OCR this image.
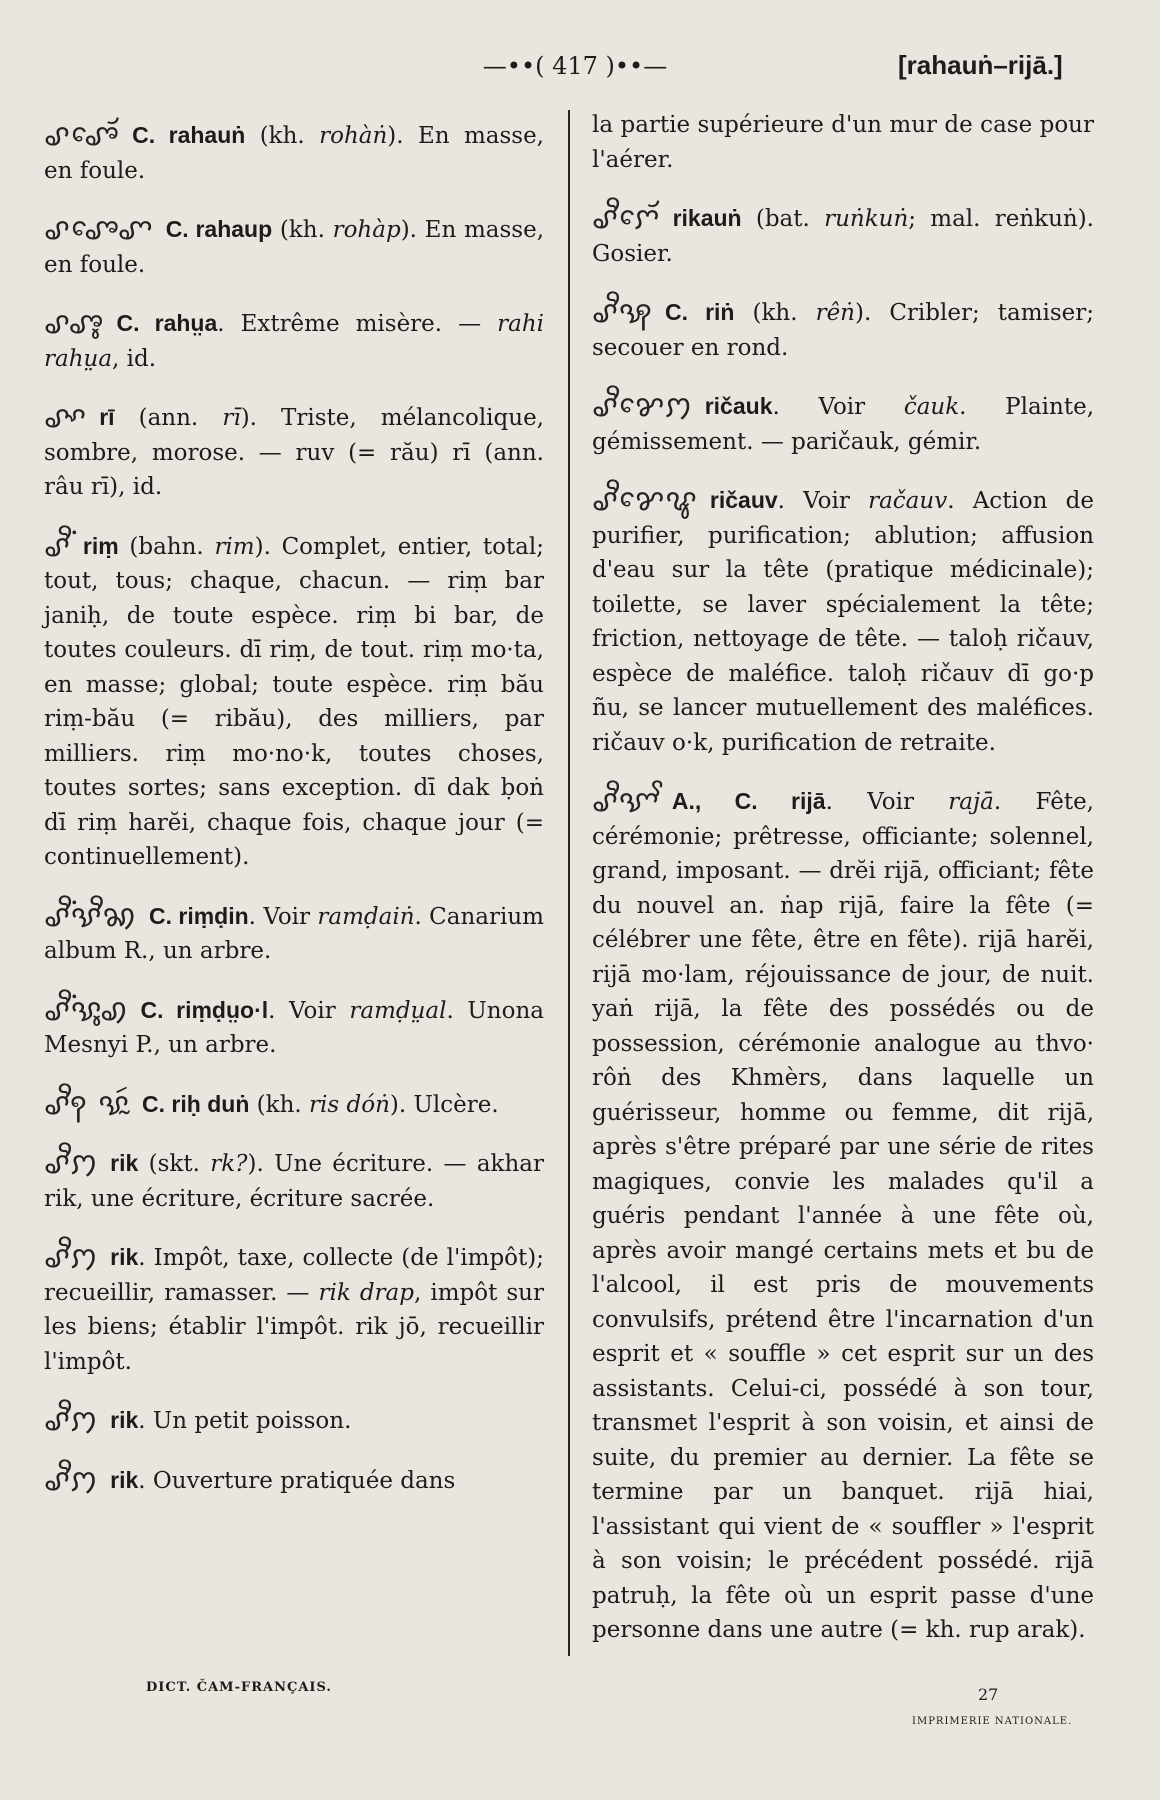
—••( 417 )••—	[rahauṅ–rijā.]

ꨣꨨꨯꨮ C. rahauṅ (kh. rohàṅ). En masse, en foule.

ꨣꨨꨯꨚ C. rahaup (kh. rohàp). En masse, en foule.

ꨣꨨꨶ C. rahṳa. Extrême misère. — rahi rahṳa, id.

ꨣꨳ rī (ann. rī). Triste, mélancolique, sombre, morose. — ruv (= rău) rī (ann. râu rī), id.

ꨣꨪꩌ riṃ (bahn. rim). Complet, entier, total; tout, tous; chaque, chacun. — riṃ bar janiḥ, de toute espèce. riṃ bi bar, de toutes couleurs. dī riṃ, de tout. riṃ mo·ta, en masse; global; toute espèce. riṃ bău riṃ-bău (= ribău), des milliers, par milliers. riṃ mo·no·k, toutes choses, toutes sortes; sans exception. dī dak ḅoṅ dī riṃ harĕi, chaque fois, chaque jour (= continuellement).

ꨣꨪꩌꨕꨪꩆ C. riṃḍin. Voir ramḍaiṅ. Canarium album R., un arbre.

ꨣꨪꩌꨕꨶꩉ C. riṃḍṳo·l. Voir ramḍṳal. Unona Mesnyi P., un arbre.

ꨣꨪꩍ ꨕꨭꩃ C. riḥ duṅ (kh. ris dóṅ). Ulcère.

ꨣꨪꩀ rik (skt. rk?). Une écriture. — akhar rik, une écriture, écriture sacrée.

ꨣꨪꩀ rik. Impôt, taxe, collecte (de l'impôt); recueillir, ramasser. — rik drap, impôt sur les biens; établir l'impôt. rik jō, recueillir l'impôt.

ꨣꨪꩀ rik. Un petit poisson.

ꨣꨪꩀ rik. Ouverture pratiquée dans

la partie supérieure d'un mur de case pour l'aérer.

ꨣꨪꨆꨯꨮ rikauṅ (bat. ruṅkuṅ; mal. reṅkuṅ). Gosier.

ꨣꨪꩂ C. riṅ (kh. rêṅ). Cribler; tamiser; secouer en rond.

ꨣꨪꨌꨯꩀ ričauk. Voir čauk. Plainte, gémissement. — paričauk, gémir.

ꨣꨪꨌꨯꨥ ričauv. Voir račauv. Action de purifier, purification; ablution; affusion d'eau sur la tête (pratique médicinale); toilette, se laver spécialement la tête; friction, nettoyage de tête. — taloḥ ričauv, espèce de maléfice. taloḥ ričauv dī go·p ñu, se lancer mutuellement des maléfices. ričauv o·k, purification de retraite.

ꨣꨪꨎꨩ A., C. rijā. Voir rajā. Fête, cérémonie; prêtresse, officiante; solennel, grand, imposant. — drĕi rijā, officiant; fête du nouvel an. ṅap rijā, faire la fête (= célébrer une fête, être en fête). rijā harĕi, rijā mo·lam, réjouissance de jour, de nuit. yaṅ rijā, la fête des possédés ou de possession, cérémonie analogue au thvo· rôṅ des Khmèrs, dans laquelle un guérisseur, homme ou femme, dit rijā, après s'être préparé par une série de rites magiques, convie les malades qu'il a guéris pendant l'année à une fête où, après avoir mangé certains mets et bu de l'alcool, il est pris de mouvements convulsifs, prétend être l'incarnation d'un esprit et « souffle » cet esprit sur un des assistants. Celui-ci, possédé à son tour, transmet l'esprit à son voisin, et ainsi de suite, du premier au dernier. La fête se termine par un banquet. rijā hiai, l'assistant qui vient de « souffler » l'esprit à son voisin; le précédent possédé. rijā patruḥ, la fête où un esprit passe d'une personne dans une autre (= kh. rup arak).

DICT. ČAM-FRANÇAIS.	27
IMPRIMERIE NATIONALE.
